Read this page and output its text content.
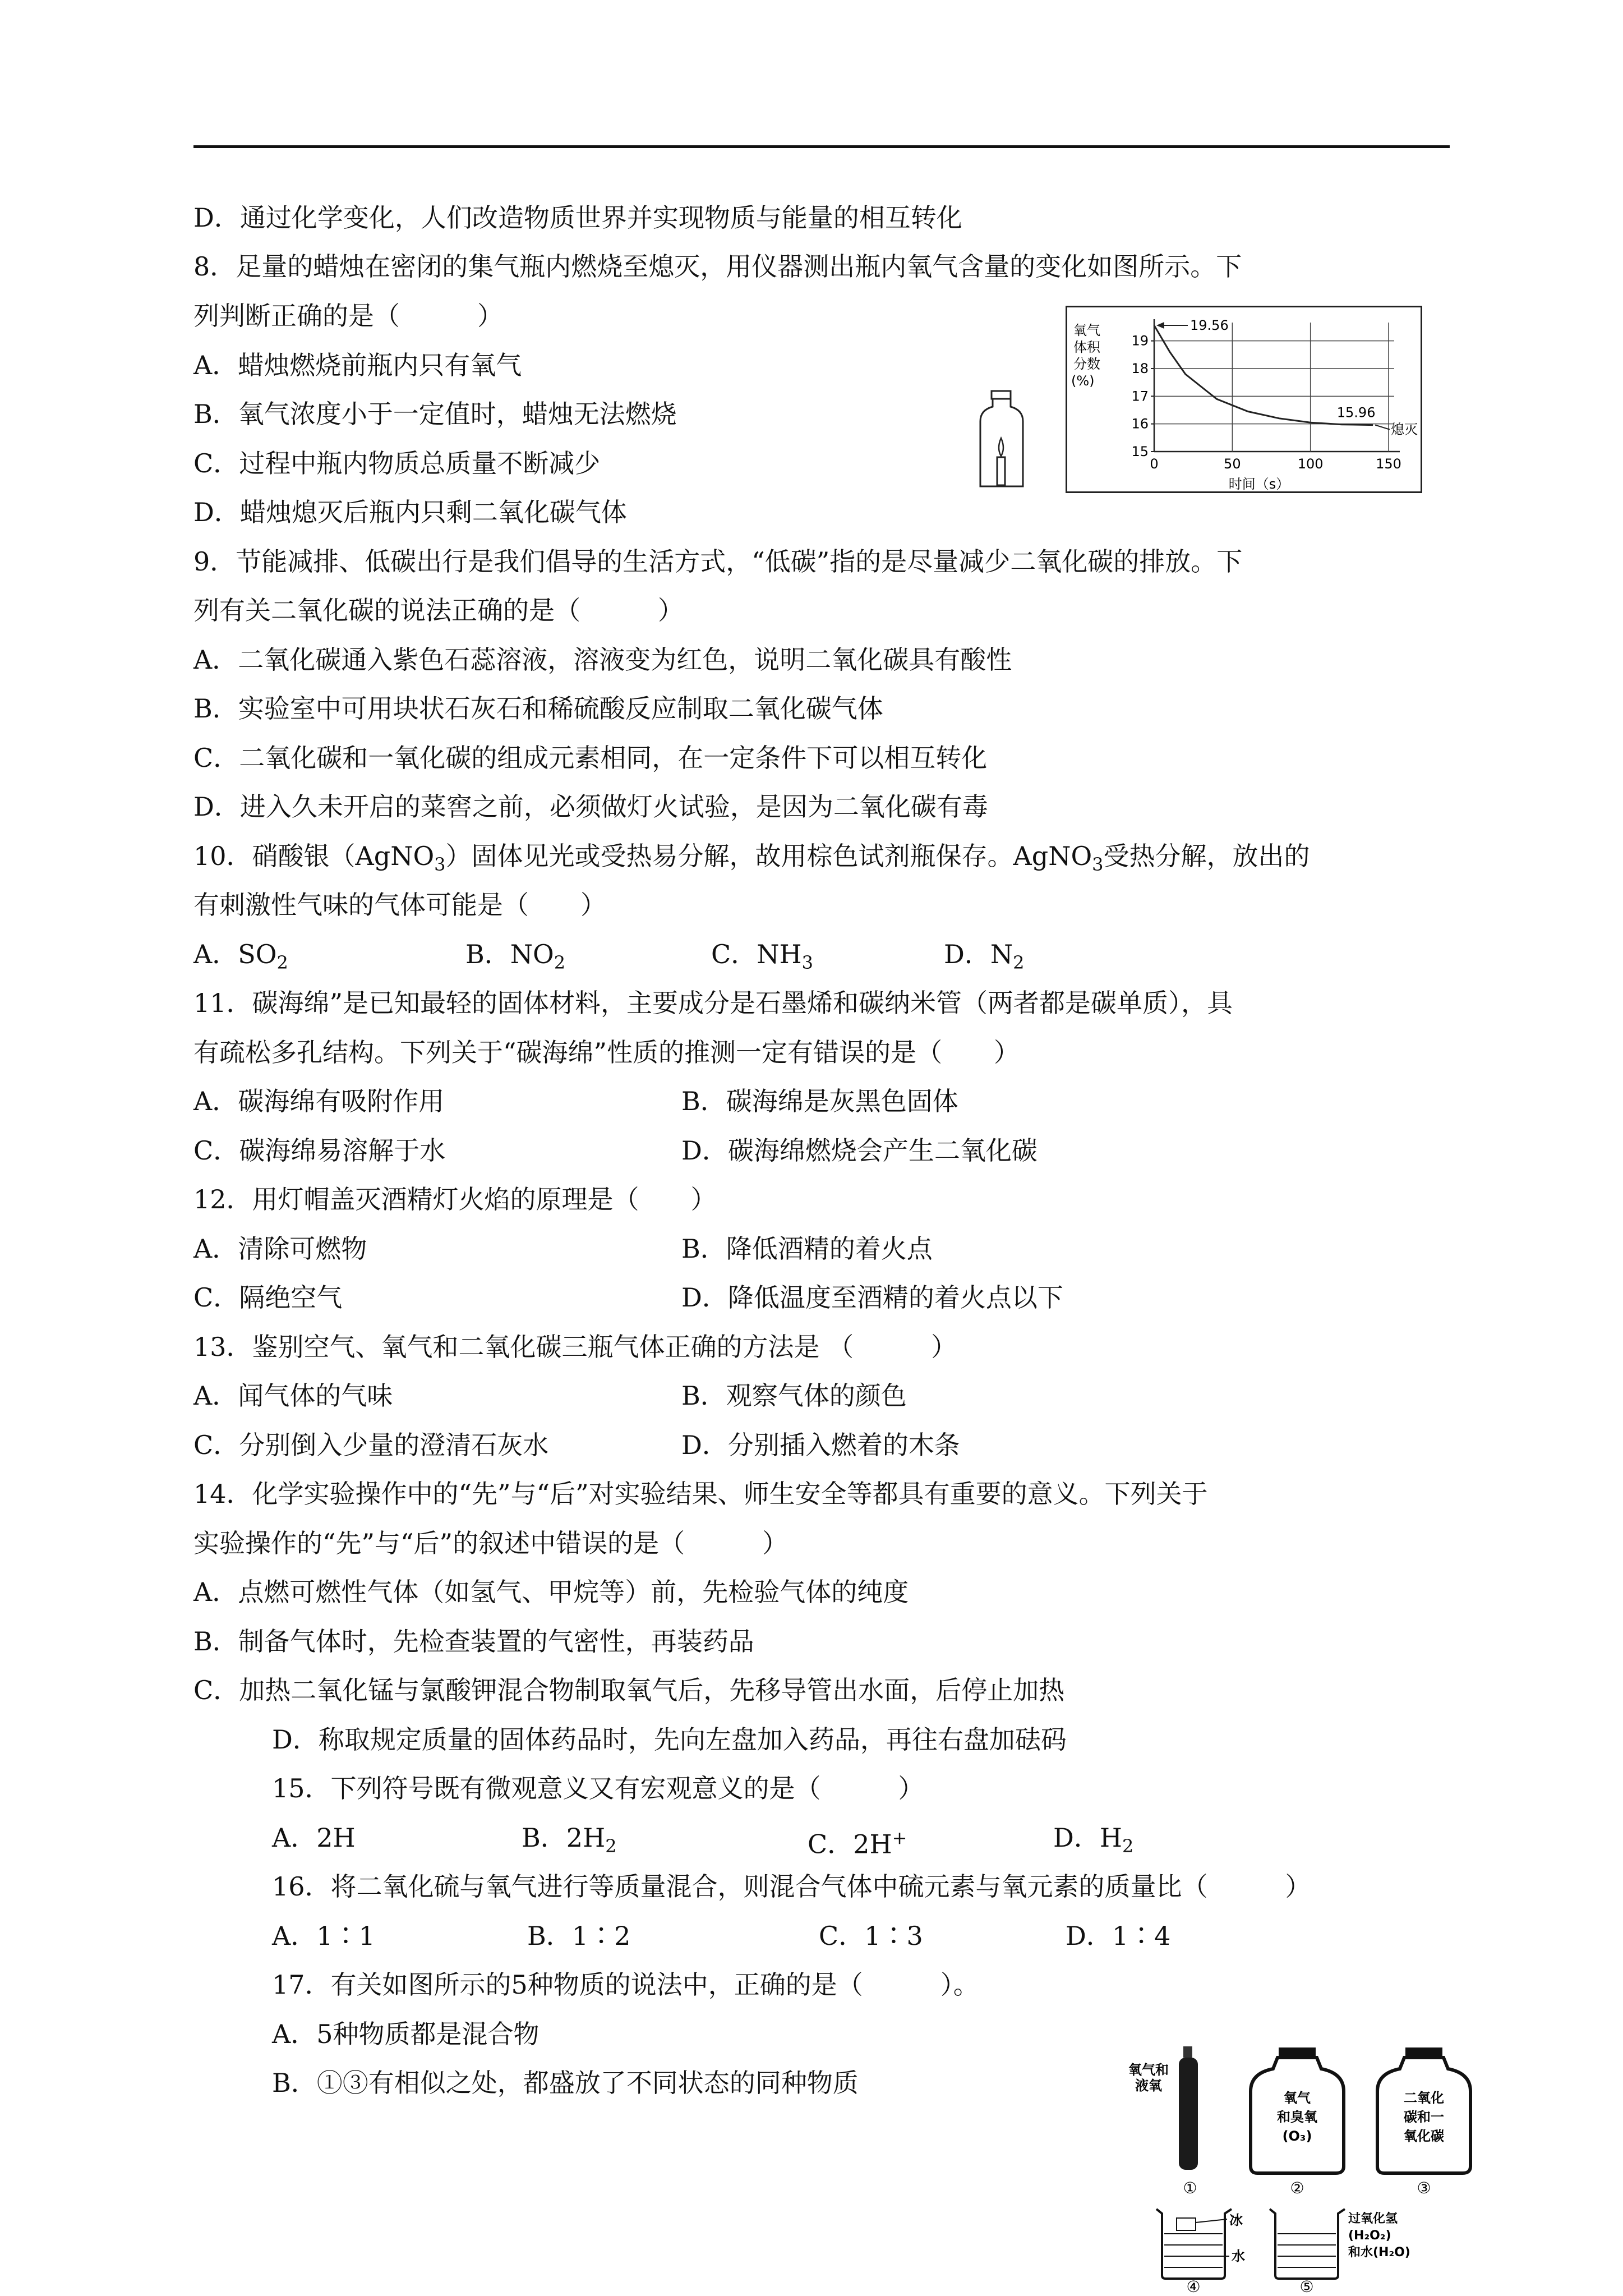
D．通过化学变化，人们改造物质世界并实现物质与能量的相互转化
8．足量的蜡烛在密闭的集气瓶内燃烧至熄灭，用仪器测出瓶内氧气含量的变化如图所示。下
列判断正确的是（　　　）
A．蜡烛燃烧前瓶内只有氧气
B．氧气浓度小于一定值时，蜡烛无法燃烧
C．过程中瓶内物质总质量不断减少
D．蜡烛熄灭后瓶内只剩二氧化碳气体
9．节能减排、低碳出行是我们倡导的生活方式，“低碳”指的是尽量减少二氧化碳的排放。下
列有关二氧化碳的说法正确的是（　　　）
A．二氧化碳通入紫色石蕊溶液，溶液变为红色，说明二氧化碳具有酸性
B．实验室中可用块状石灰石和稀硫酸反应制取二氧化碳气体
C．二氧化碳和一氧化碳的组成元素相同，在一定条件下可以相互转化
D．进入久未开启的菜窖之前，必须做灯火试验，是因为二氧化碳有毒
10．硝酸银（AgNO$_3$）固体见光或受热易分解，故用棕色试剂瓶保存。AgNO$_3$受热分解，放出的
有刺激性气味的气体可能是（　　）
A．$SO_2$	B．$NO_2$	C．$NH_3$	D．$N_2$
11．碳海绵”是已知最轻的固体材料，主要成分是石墨烯和碳纳米管（两者都是碳单质），具
有疏松多孔结构。下列关于“碳海绵”性质的推测一定有错误的是（　　）
A．碳海绵有吸附作用	B．碳海绵是灰黑色固体
C．碳海绵易溶解于水	D．碳海绵燃烧会产生二氧化碳
12．用灯帽盖灭酒精灯火焰的原理是（　　）
A．清除可燃物	B．降低酒精的着火点
C．隔绝空气	D．降低温度至酒精的着火点以下
13．鉴别空气、氧气和二氧化碳三瓶气体正确的方法是 （　　　）
A．闻气体的气味	B．观察气体的颜色
C．分别倒入少量的澄清石灰水	D．分别插入燃着的木条
14．化学实验操作中的“先”与“后”对实验结果、师生安全等都具有重要的意义。下列关于
实验操作的“先”与“后”的叙述中错误的是（　　　）
A．点燃可燃性气体（如氢气、甲烷等）前，先检验气体的纯度
B．制备气体时，先检查装置的气密性，再装药品
C．加热二氧化锰与氯酸钾混合物制取氧气后，先移导管出水面，后停止加热
D．称取规定质量的固体药品时，先向左盘加入药品，再往右盘加砝码
15．下列符号既有微观意义又有宏观意义的是（　　　）
A．2H	B．$2H_2$	C．2H+	D．$H_2$
16．将二氧化硫与氧气进行等质量混合，则混合气体中硫元素与氧元素的质量比（　　　）
A．1∶1	B．1∶2	C．1∶3	D．1∶4
17．有关如图所示的5种物质的说法中，正确的是（　　　）。
A．5种物质都是混合物
B．①③有相似之处，都盛放了不同状态的同种物质
氧气
体积
分数
(%)
15
16
17
18
19
0	50	100	150
19.56
15.96
熄灭
时间（s）
氧气和
液氧
①
氧气
和臭氧
(O₃)
②
二氧化
碳和一
氧化碳
③
冰
水
④
过氧化氢
(H₂O₂)
和水(H₂O)
⑤
